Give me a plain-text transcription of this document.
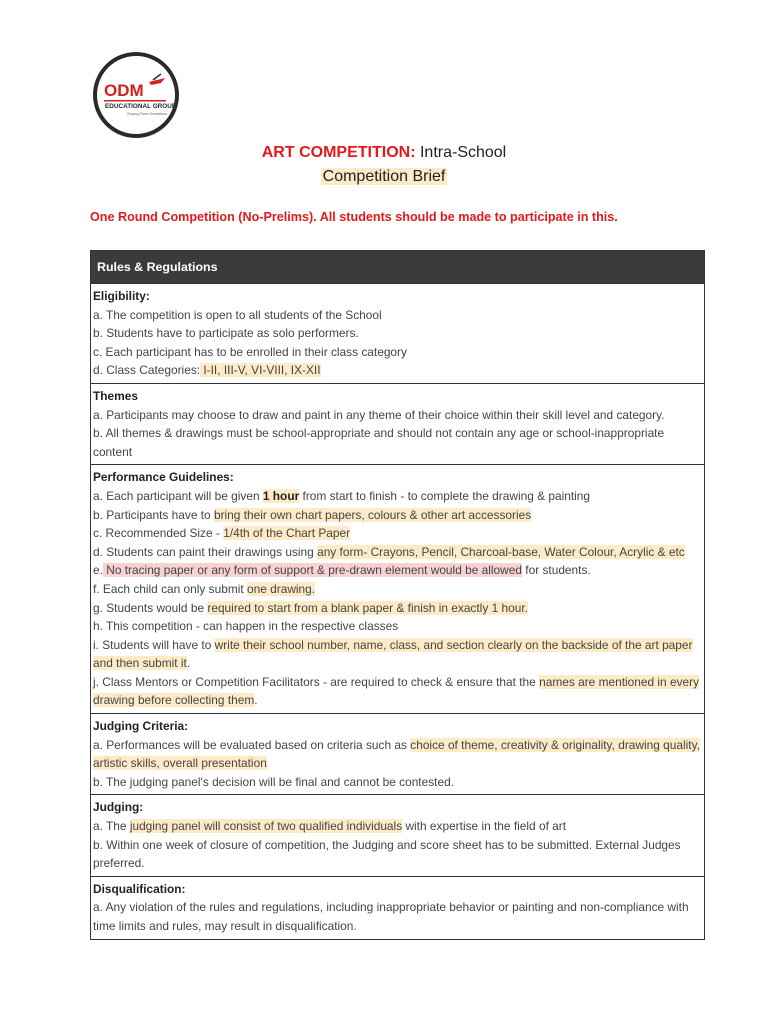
ODM
EDUCATIONAL GROUP
Shaping Future Generations
ART COMPETITION: Intra-School
Competition Brief
One Round Competition (No-Prelims). All students should be made to participate in this.
Rules & Regulations

Eligibility:

a. The competition is open to all students of the School

b. Students have to participate as solo performers.

c. Each participant has to be enrolled in their class category

d. Class Categories: I-II, III-V, VI-VIII, IX-XII

Themes

a. Participants may choose to draw and paint in any theme of their choice within their skill level and category.

b. All themes & drawings must be school-appropriate and should not contain any age or school-inappropriate content

Performance Guidelines:

a. Each participant will be given 1 hour from start to finish - to complete the drawing & painting

b. Participants have to bring their own chart papers, colours & other art accessories

c. Recommended Size - 1/4th of the Chart Paper

d. Students can paint their drawings using any form- Crayons, Pencil, Charcoal-base, Water Colour, Acrylic & etc

e. No tracing paper or any form of support & pre-drawn element would be allowed for students.

f. Each child can only submit one drawing.

g. Students would be required to start from a blank paper & finish in exactly 1 hour.

h. This competition - can happen in the respective classes

i. Students will have to write their school number, name, class, and section clearly on the backside of the art paper and then submit it.

j. Class Mentors or Competition Facilitators - are required to check & ensure that the names are mentioned in every drawing before collecting them.

Judging Criteria:

a. Performances will be evaluated based on criteria such as choice of theme, creativity & originality, drawing quality, artistic skills, overall presentation

b. The judging panel's decision will be final and cannot be contested.

Judging:

a. The judging panel will consist of two qualified individuals with expertise in the field of art

b. Within one week of closure of competition, the Judging and score sheet has to be submitted. External Judges preferred.

Disqualification:

a. Any violation of the rules and regulations, including inappropriate behavior or painting and non-compliance with time limits and rules, may result in disqualification.
